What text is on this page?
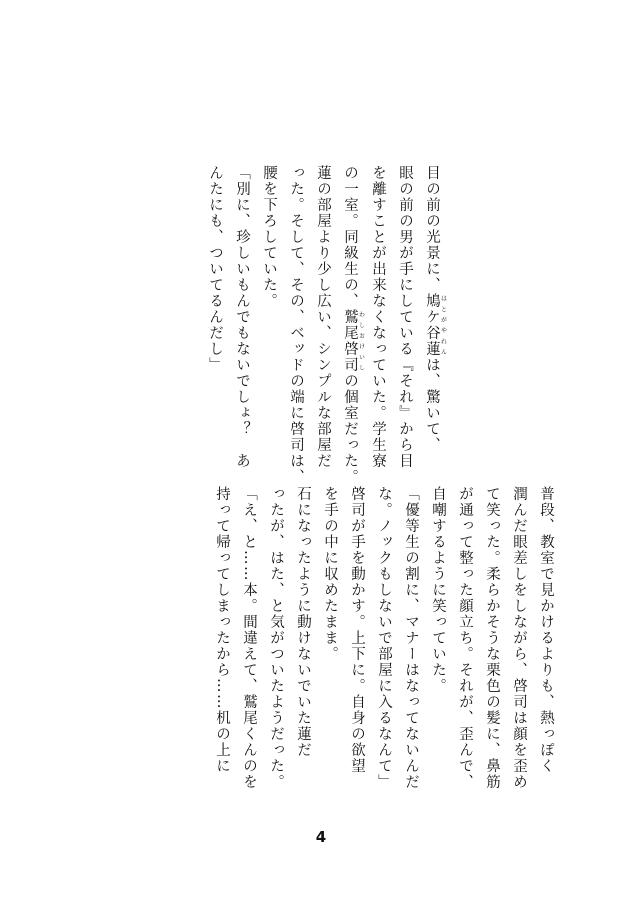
目の前の光景に、鳩ケ谷蓮 はとがやれんは、驚いて、

眼の前の男が手にしている『それ』から目

を離すことが出来なくなっていた。学生寮

の一室。同級生の、鷲尾啓司 わしおけいしの個室だった。

蓮の部屋より少し広い、シンプルな部屋だ

った。そして、その、ベッドの端に啓司は、

腰を下ろしていた。

「別に、珍しいもんでもないでしょ？　あ

んたにも、ついてるんだし」

普段、教室で見かけるよりも、熱っぽく

潤んだ眼差しをしながら、啓司は顔を歪め

て笑った。柔らかそうな栗色の髪に、鼻筋

が通って整った顔立ち。それが、歪んで、

自嘲するように笑っていた。

「優等生の割に、マナーはなってないんだ

な。ノックもしないで部屋に入るなんて」

啓司が手を動かす。上下に。自身の欲望

を手の中に収めたまま。

石になったように動けないでいた蓮だ

ったが、はた、と気がついたようだった。

「え、と……本。間違えて、鷲尾くんのを

持って帰ってしまったから……机の上に

4
